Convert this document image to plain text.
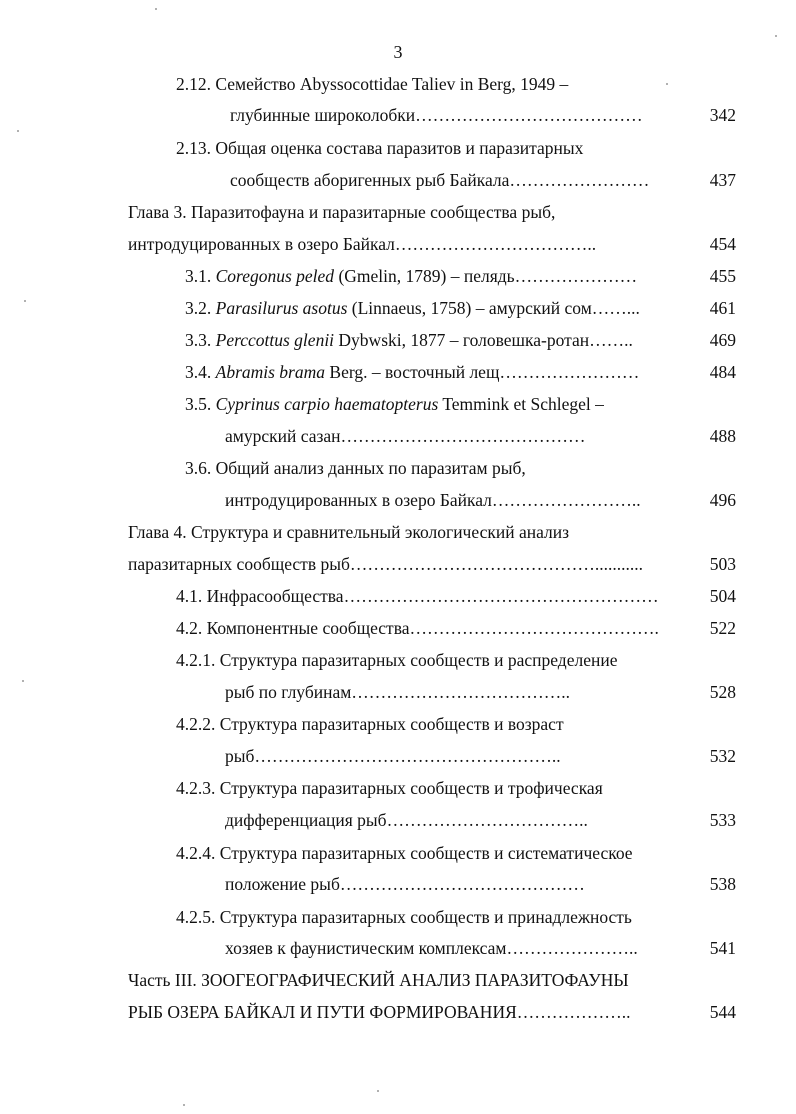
3
2.12. Семейство Abyssocottidae Taliev in Berg, 1949 –
глубинные широколобки …………………………………	342
2.13. Общая оценка состава паразитов и паразитарных
сообществ аборигенных рыб Байкала ……………………	437
Глава 3. Паразитофауна и паразитарные сообщества рыб,
интродуцированных в озеро Байкал ……………………………..	454
3.1. Coregonus peled (Gmelin, 1789) – пелядь …………………	455
3.2. Parasilurus asotus (Linnaeus, 1758) – амурский сом ……...	461
3.3. Perccottus glenii Dybwski, 1877 – головешка-ротан ……..	469
3.4. Abramis brama Berg. – восточный лещ ……………………	484
3.5. Cyprinus carpio haematopterus Temmink et Schlegel –
амурский сазан ……………………………………	488
3.6. Общий анализ данных по паразитам рыб,
интродуцированных в озеро Байкал ……………………..	496
Глава 4. Структура и сравнительный экологический анализ
паразитарных сообществ рыб ……………………………………...........	503
4.1. Инфрасообщества ………………………………………………	504
4.2. Компонентные сообщества …………………………………….	522
4.2.1. Структура паразитарных сообществ и распределение
рыб по глубинам ………………………………..	528
4.2.2. Структура паразитарных сообществ и возраст
рыб ……………………………………………..	532
4.2.3. Структура паразитарных сообществ и трофическая
дифференциация рыб ……………………………..	533
4.2.4. Структура паразитарных сообществ и систематическое
положение рыб ……………………………………	538
4.2.5. Структура паразитарных сообществ и принадлежность
хозяев к фаунистическим комплексам …………………..	541
Часть III. ЗООГЕОГРАФИЧЕСКИЙ АНАЛИЗ ПАРАЗИТОФАУНЫ
РЫБ ОЗЕРА БАЙКАЛ И ПУТИ ФОРМИРОВАНИЯ ………………..	544
